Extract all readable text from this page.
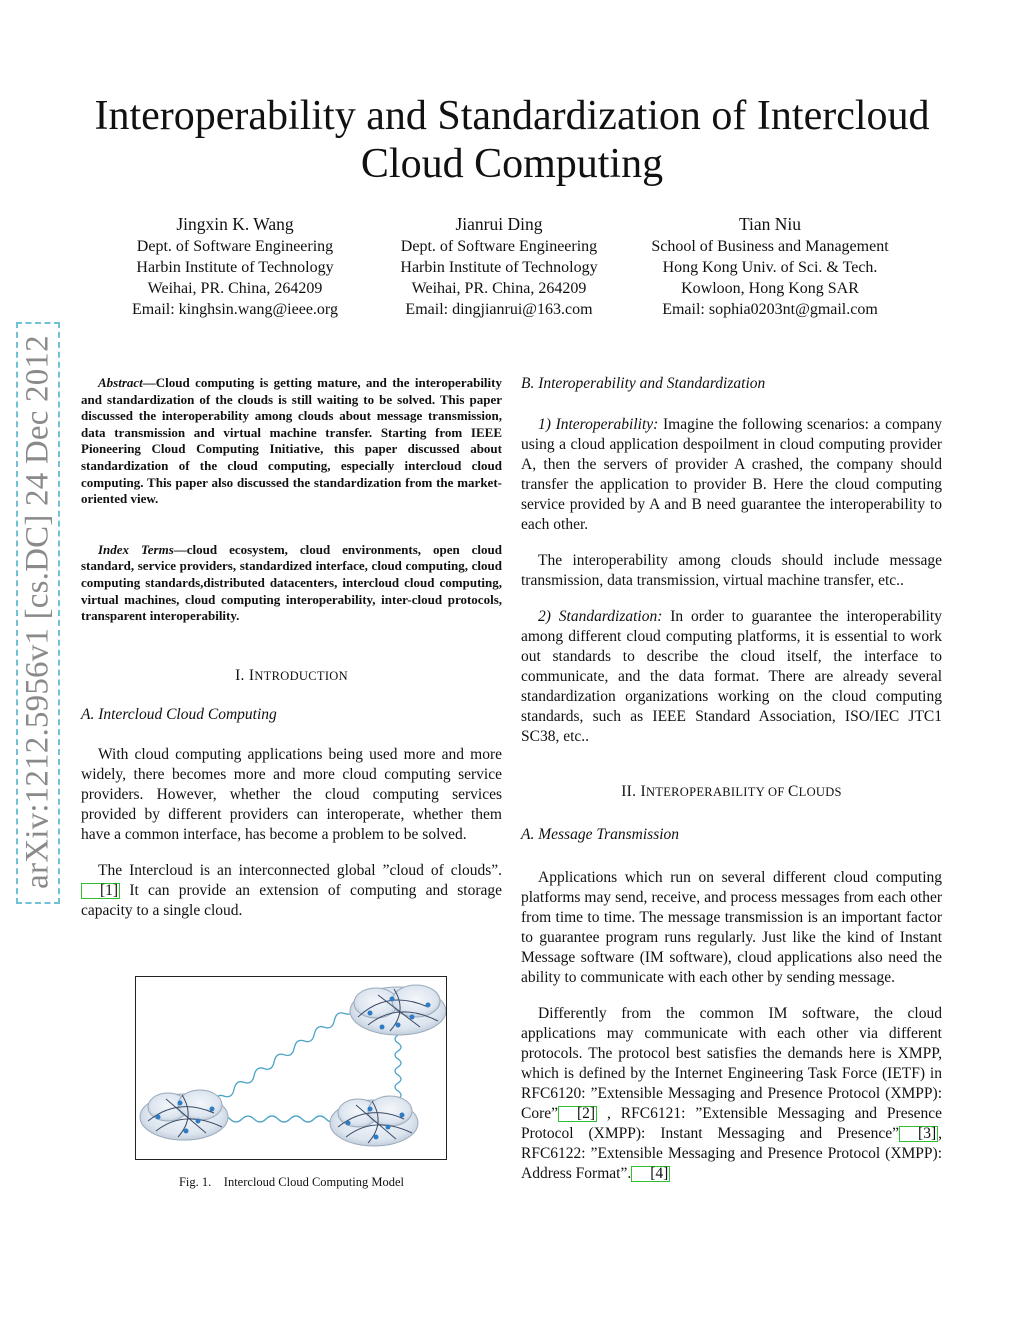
arXiv:1212.5956v1 [cs.DC] 24 Dec 2012
Interoperability and Standardization of Intercloud Cloud Computing
Jingxin K. Wang
Dept. of Software Engineering
Harbin Institute of Technology
Weihai, PR. China, 264209
Email: kinghsin.wang@ieee.org
Jianrui Ding
Dept. of Software Engineering
Harbin Institute of Technology
Weihai, PR. China, 264209
Email: dingjianrui@163.com
Tian Niu
School of Business and Management
Hong Kong Univ. of Sci. & Tech.
Kowloon, Hong Kong SAR
Email: sophia0203nt@gmail.com

Abstract—Cloud computing is getting mature, and the interoperability and standardization of the clouds is still waiting to be solved. This paper discussed the interoperability among clouds about message transmission, data transmission and virtual machine transfer. Starting from IEEE Pioneering Cloud Computing Initiative, this paper discussed about standardization of the cloud computing, especially intercloud cloud computing. This paper also discussed the standardization from the market-oriented view.

Index Terms—cloud ecosystem, cloud environments, open cloud standard, service providers, standardized interface, cloud computing, cloud computing standards,distributed datacenters, intercloud cloud computing, virtual machines, cloud computing interoperability, inter-cloud protocols, transparent interoperability.

I. INTRODUCTION

A. Intercloud Cloud Computing

With cloud computing applications being used more and more widely, there becomes more and more cloud computing service providers. However, whether the cloud computing services provided by different providers can interoperate, whether them have a common interface, has become a problem to be solved.

The Intercloud is an interconnected global ”cloud of clouds”.[1] It can provide an extension of computing and storage capacity to a single cloud.

Fig. 1. Intercloud Cloud Computing Model

B. Interoperability and Standardization

1) Interoperability: Imagine the following scenarios: a company using a cloud application despoilment in cloud computing provider A, then the servers of provider A crashed, the company should transfer the application to provider B. Here the cloud computing service provided by A and B need guarantee the interoperability to each other.

The interoperability among clouds should include message transmission, data transmission, virtual machine transfer, etc..

2) Standardization: In order to guarantee the interoperability among different cloud computing platforms, it is essential to work out standards to describe the cloud itself, the interface to communicate, and the data format. There are already several standardization organizations working on the cloud computing standards, such as IEEE Standard Association, ISO/IEC JTC1 SC38, etc..

II. INTEROPERABILITY OF CLOUDS

A. Message Transmission

Applications which run on several different cloud computing platforms may send, receive, and process messages from each other from time to time. The message transmission is an important factor to guarantee program runs regularly. Just like the kind of Instant Message software (IM software), cloud applications also need the ability to communicate with each other by sending message.

Differently from the common IM software, the cloud applications may communicate with each other via different protocols. The protocol best satisfies the demands here is XMPP, which is defined by the Internet Engineering Task Force (IETF) in RFC6120: ”Extensible Messaging and Presence Protocol (XMPP): Core” [2] , RFC6121: ”Extensible Messaging and Presence Protocol (XMPP): Instant Messaging and Presence” [3] , RFC6122: ”Extensible Messaging and Presence Protocol (XMPP): Address Format”. [4]
